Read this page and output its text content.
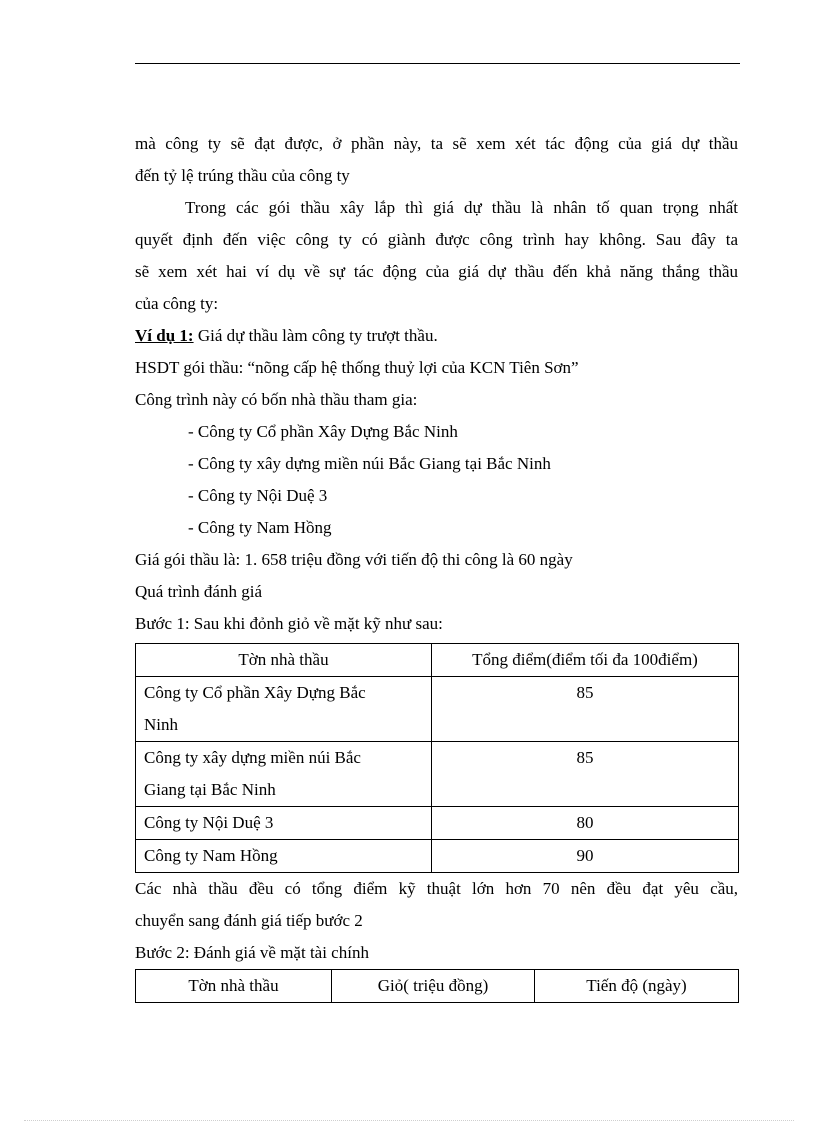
mà công ty sẽ đạt được, ở phần này, ta sẽ xem xét tác động của giá dự thầu
đến tỷ lệ trúng thầu của công ty
Trong các gói thầu xây lắp thì giá dự thầu là nhân tố quan trọng nhất
quyết định đến việc công ty có giành được công trình hay không. Sau đây ta
sẽ xem xét hai ví dụ về sự tác động của giá dự thầu đến khả năng thắng thầu
của công ty:
Ví dụ 1: Giá dự thầu làm công ty trượt thầu.
HSDT gói thầu: “nõng cấp hệ thống thuỷ lợi của KCN Tiên Sơn”
Công trình này có bốn nhà thầu tham gia:
- Công ty Cổ phần Xây Dựng Bắc Ninh
- Công ty xây dựng miền núi Bắc Giang tại Bắc Ninh
- Công ty Nội Duệ 3
- Công ty Nam Hồng
Giá gói thầu là: 1. 658 triệu đồng với tiến độ thi công là 60 ngày
Quá trình đánh giá
Bước 1: Sau khi đỏnh giỏ về mặt kỹ như sau:
Tờn nhà thầu	Tổng điểm(điểm tối đa 100điểm)

Công ty Cổ phần Xây Dựng Bắc
Ninh	85

Công ty xây dựng miền núi Bắc
Giang tại Bắc Ninh	85
Công ty Nội Duệ 3	80
Công ty Nam Hồng	90
Các nhà thầu đều có tổng điểm kỹ thuật lớn hơn 70 nên đều đạt yêu cầu,
chuyển sang đánh giá tiếp bước 2
Bước 2: Đánh giá về mặt tài chính
Tờn nhà thầu	Giỏ( triệu đồng)	Tiến độ (ngày)
